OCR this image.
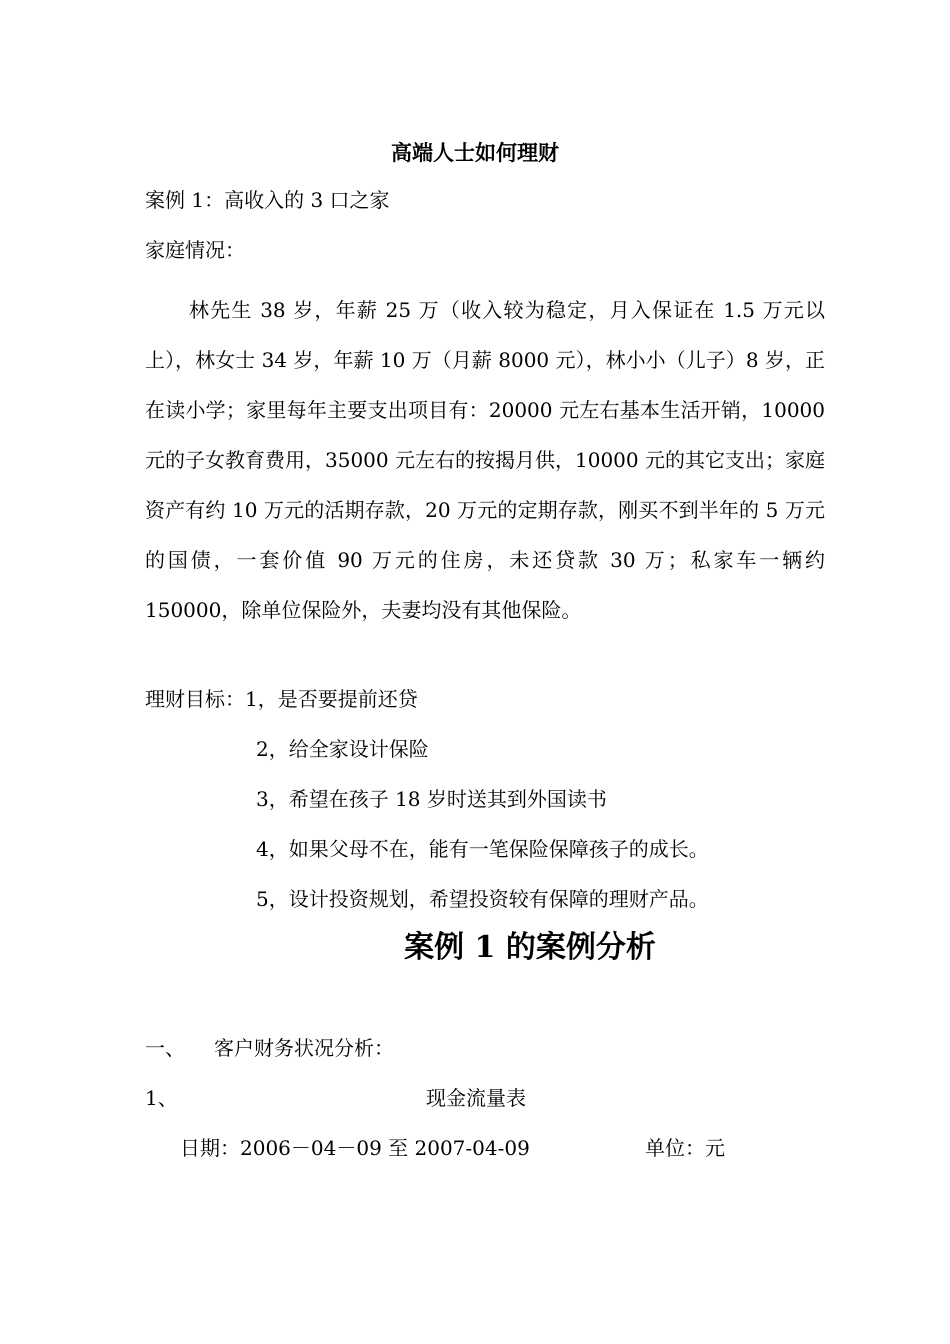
高端人士如何理财
案例 1：高收入的 3 口之家
家庭情况：
林先生 38 岁，年薪 25 万（收入较为稳定，月入保证在 1.5 万元以上），林女士 34 岁，年薪 10 万（月薪 8000 元），林小小（儿子）8 岁，正在读小学；家里每年主要支出项目有：20000 元左右基本生活开销，10000 元的子女教育费用，35000 元左右的按揭月供，10000 元的其它支出；家庭资产有约 10 万元的活期存款，20 万元的定期存款，刚买不到半年的 5 万元的国债，一套价值 90 万元的住房，未还贷款 30 万；私家车一辆约 150000，除单位保险外，夫妻均没有其他保险。
理财目标：1，是否要提前还贷
2，给全家设计保险
3，希望在孩子 18 岁时送其到外国读书
4，如果父母不在，能有一笔保险保障孩子的成长。
5，设计投资规划，希望投资较有保障的理财产品。
案例 1 的案例分析
一、 客户财务状况分析：
1、	现金流量表
日期：2006－04－09 至 2007-04-09	单位：元
